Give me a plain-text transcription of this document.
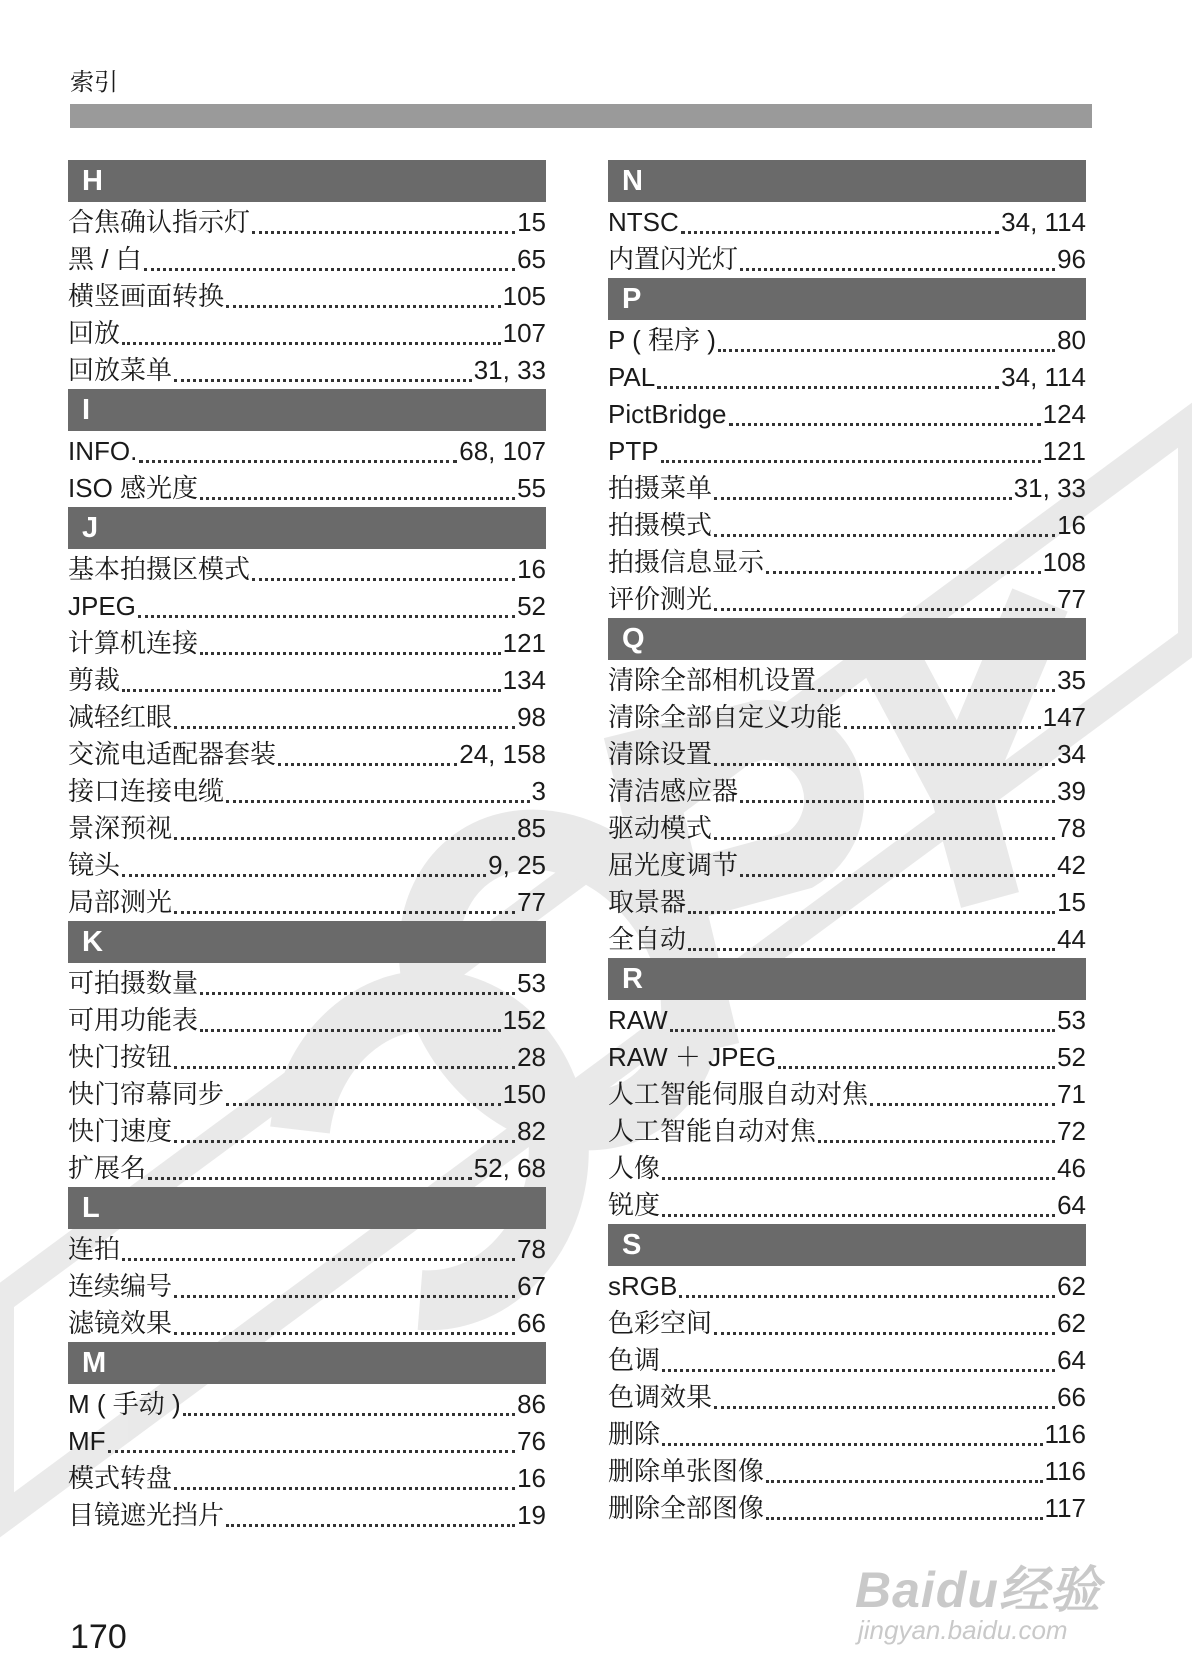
索引
H
合焦确认指示灯	15
黑 / 白	65
横竖画面转换	105
回放	107
回放菜单	31, 33
I
INFO.	68, 107
ISO 感光度	55
J
基本拍摄区模式	16
JPEG	52
计算机连接	121
剪裁	134
减轻红眼	98
交流电适配器套装	24, 158
接口连接电缆	3
景深预视	85
镜头	9, 25
局部测光	77
K
可拍摄数量	53
可用功能表	152
快门按钮	28
快门帘幕同步	150
快门速度	82
扩展名	52, 68
L
连拍	78
连续编号	67
滤镜效果	66
M
M ( 手动 )	86
MF	76
模式转盘	16
目镜遮光挡片	19
N
NTSC	34, 114
内置闪光灯	96
P
P ( 程序 )	80
PAL	34, 114
PictBridge	124
PTP	121
拍摄菜单	31, 33
拍摄模式	16
拍摄信息显示	108
评价测光	77
Q
清除全部相机设置	35
清除全部自定义功能	147
清除设置	34
清洁感应器	39
驱动模式	78
屈光度调节	42
取景器	15
全自动	44
R
RAW	53
RAW ＋ JPEG	52
人工智能伺服自动对焦	71
人工智能自动对焦	72
人像	46
锐度	64
S
sRGB	62
色彩空间	62
色调	64
色调效果	66
删除	116
删除单张图像	116
删除全部图像	117
170
Baidu经验
jingyan.baidu.com
